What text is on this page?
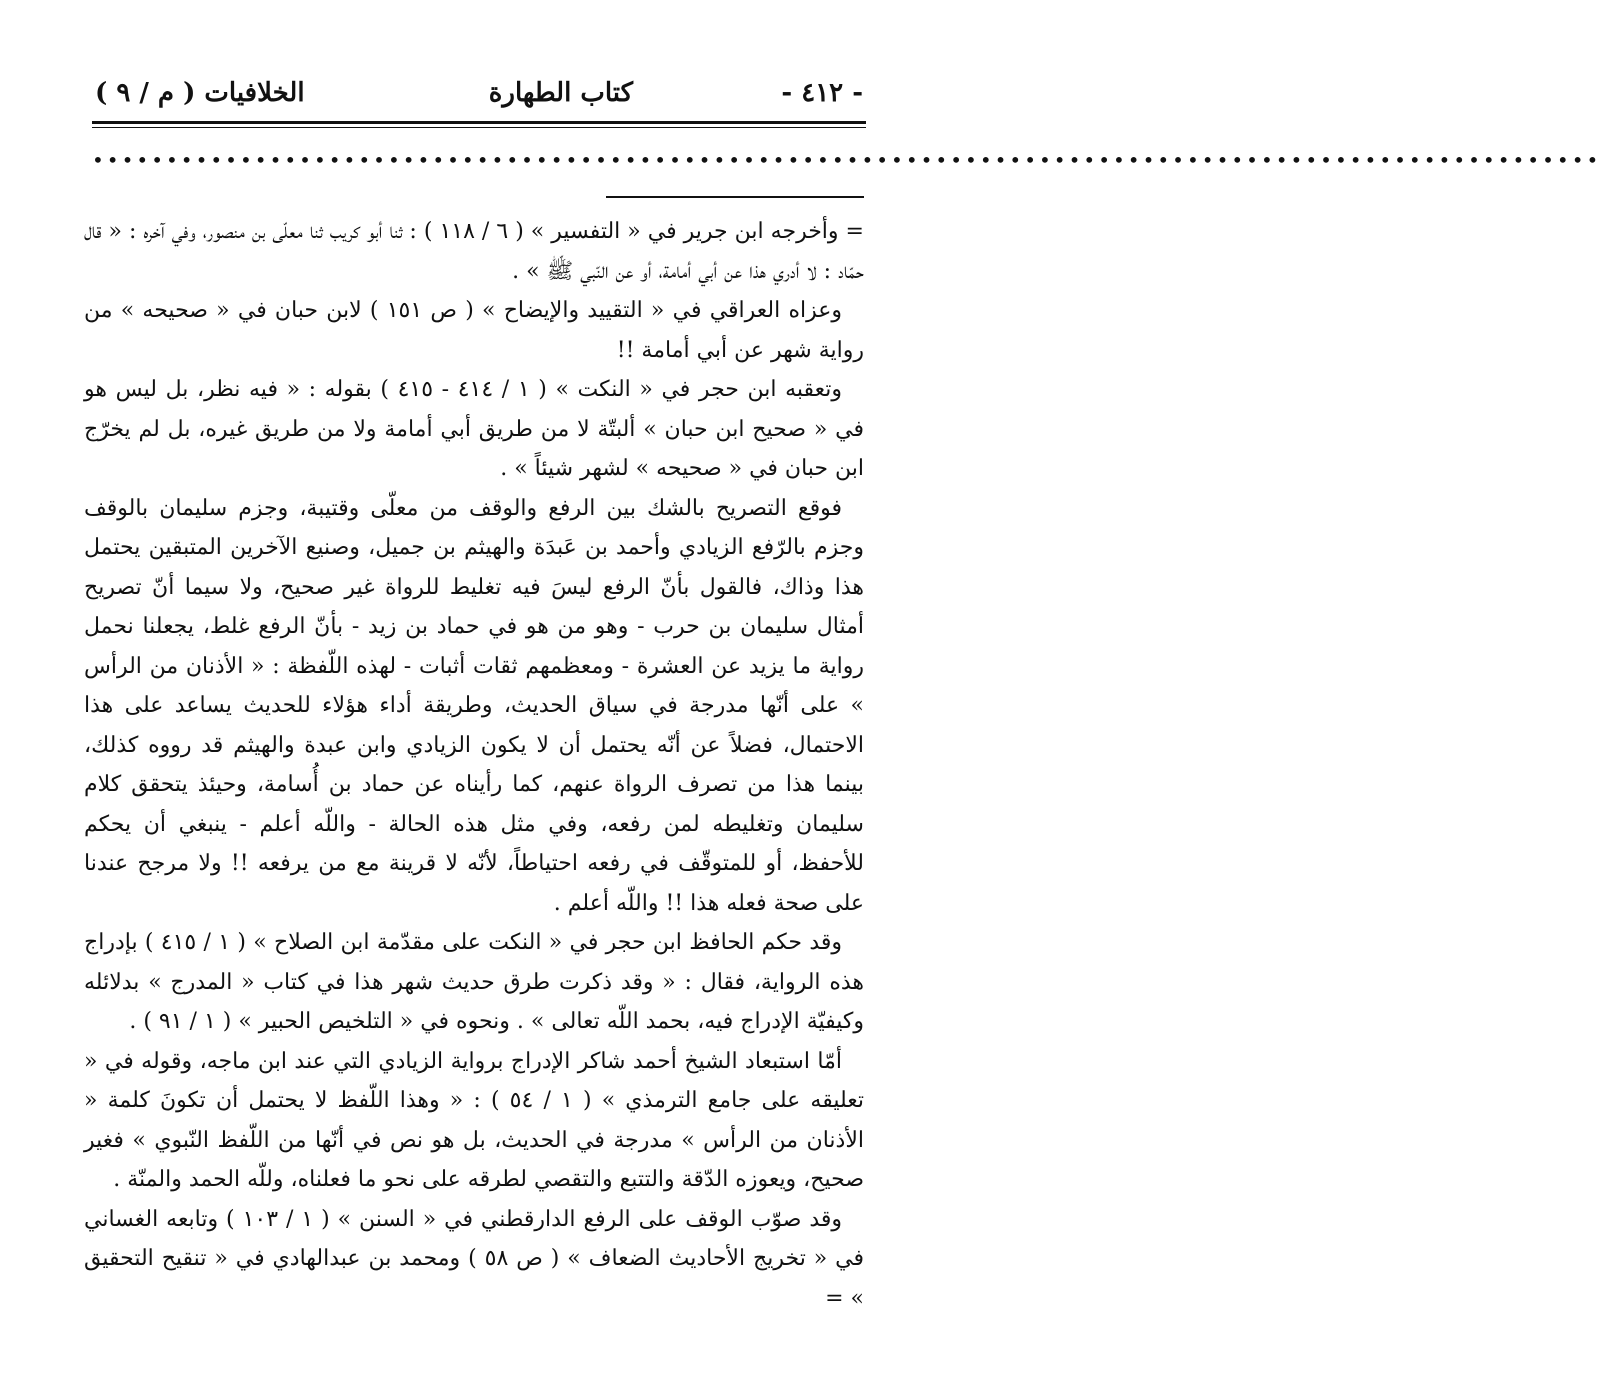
- ٤١٢ -
كتاب الطهارة
الخلافيات ( م / ٩ )
••••••••••••••••••••••••••••••••••••••••••••••••••••••••••••••••••••••••••••••••••••••••••••••••••••••

= وأخرجه ابن جرير في « التفسير » ( ٦ / ١١٨ ) : ثنا أبو كريب ثنا معلّى بن منصور، وفي آخره : « قال حمّاد : لا أدري هذا عن أبي أمامة، أو عن النّبي ﷺ » .

وعزاه العراقي في « التقييد والإيضاح » ( ص ١٥١ ) لابن حبان في « صحيحه » من رواية شهر عن أبي أمامة !!

وتعقبه ابن حجر في « النكت » ( ١ / ٤١٤ - ٤١٥ ) بقوله : « فيه نظر، بل ليس هو في « صحيح ابن حبان » ألبتّة لا من طريق أبي أمامة ولا من طريق غيره، بل لم يخرّج ابن حبان في « صحيحه » لشهر شيئاً » .

فوقع التصريح بالشك بين الرفع والوقف من معلّى وقتيبة، وجزم سليمان بالوقف وجزم بالرّفع الزيادي وأحمد بن عَبدَة والهيثم بن جميل، وصنيع الآخرين المتبقين يحتمل هذا وذاك، فالقول بأنّ الرفع ليسَ فيه تغليط للرواة غير صحيح، ولا سيما أنّ تصريح أمثال سليمان بن حرب - وهو من هو في حماد بن زيد - بأنّ الرفع غلط، يجعلنا نحمل رواية ما يزيد عن العشرة - ومعظمهم ثقات أثبات - لهذه اللّفظة : « الأذنان من الرأس » على أنّها مدرجة في سياق الحديث، وطريقة أداء هؤلاء للحديث يساعد على هذا الاحتمال، فضلاً عن أنّه يحتمل أن لا يكون الزيادي وابن عبدة والهيثم قد رووه كذلك، بينما هذا من تصرف الرواة عنهم، كما رأيناه عن حماد بن أُسامة، وحيئذ يتحقق كلام سليمان وتغليطه لمن رفعه، وفي مثل هذه الحالة - واللّه أعلم - ينبغي أن يحكم للأحفظ، أو للمتوقّف في رفعه احتياطاً، لأنّه لا قرينة مع من يرفعه !! ولا مرجح عندنا على صحة فعله هذا !! واللّه أعلم .

وقد حكم الحافظ ابن حجر في « النكت على مقدّمة ابن الصلاح » ( ١ / ٤١٥ ) بإدراج هذه الرواية، فقال : « وقد ذكرت طرق حديث شهر هذا في كتاب « المدرج » بدلائله وكيفيّة الإدراج فيه، بحمد اللّه تعالى » . ونحوه في « التلخيص الحبير » ( ١ / ٩١ ) .

أمّا استبعاد الشيخ أحمد شاكر الإدراج برواية الزيادي التي عند ابن ماجه، وقوله في « تعليقه على جامع الترمذي » ( ١ / ٥٤ ) : « وهذا اللّفظ لا يحتمل أن تكونَ كلمة « الأذنان من الرأس » مدرجة في الحديث، بل هو نص في أنّها من اللّفظ النّبوي » فغير صحيح، ويعوزه الدّقة والتتبع والتقصي لطرقه على نحو ما فعلناه، وللّه الحمد والمنّة .

وقد صوّب الوقف على الرفع الدارقطني في « السنن » ( ١ / ١٠٣ ) وتابعه الغساني في « تخريج الأحاديث الضعاف » ( ص ٥٨ ) ومحمد بن عبدالهادي في « تنقيح التحقيق » =
